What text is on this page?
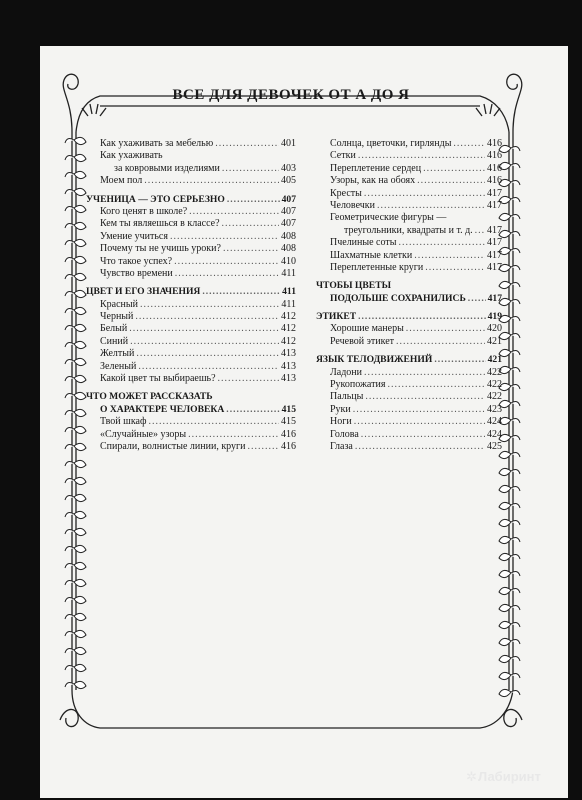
ВСЕ ДЛЯ ДЕВОЧЕК ОТ А ДО Я
Как ухаживать за мебелью .....	401
Как ухаживать
за ковровыми изделиями .....	403
Моем пол .....	405
УЧЕНИЦА — ЭТО СЕРЬЕЗНО .....	407
Кого ценят в школе? .....	407
Кем ты являешься в классе? .....	407
Умение учиться .....	408
Почему ты не учишь уроки? .....	408
Что такое успех? .....	410
Чувство времени .....	411
ЦВЕТ И ЕГО ЗНАЧЕНИЯ .....	411
Красный .....	411
Черный .....	412
Белый .....	412
Синий .....	412
Желтый .....	413
Зеленый .....	413
Какой цвет ты выбираешь? .....	413
ЧТО МОЖЕТ РАССКАЗАТЬ
О ХАРАКТЕРЕ ЧЕЛОВЕКА .....	415
Твой шкаф .....	415
«Случайные» узоры .....	416
Спирали, волнистые линии, круги .....	416
Солнца, цветочки, гирлянды .....	416
Сетки .....	416
Переплетение сердец .....	416
Узоры, как на обоях .....	416
Кресты .....	417
Человечки .....	417
Геометрические фигуры —
треугольники, квадраты и т. д. ..... 417
Пчелиные соты .....	417
Шахматные клетки .....	417
Переплетенные круги .....	417
ЧТОБЫ ЦВЕТЫ
ПОДОЛЬШЕ СОХРАНИЛИСЬ ..... 417
ЭТИКЕТ .....	419
Хорошие манеры .....	420
Речевой этикет .....	421
ЯЗЫК ТЕЛОДВИЖЕНИЙ .....	421
Ладони .....	422
Рукопожатия .....	422
Пальцы .....	422
Руки .....	423
Ноги .....	424
Голова .....	424
Глаза .....	425
✲ Лабиринт
